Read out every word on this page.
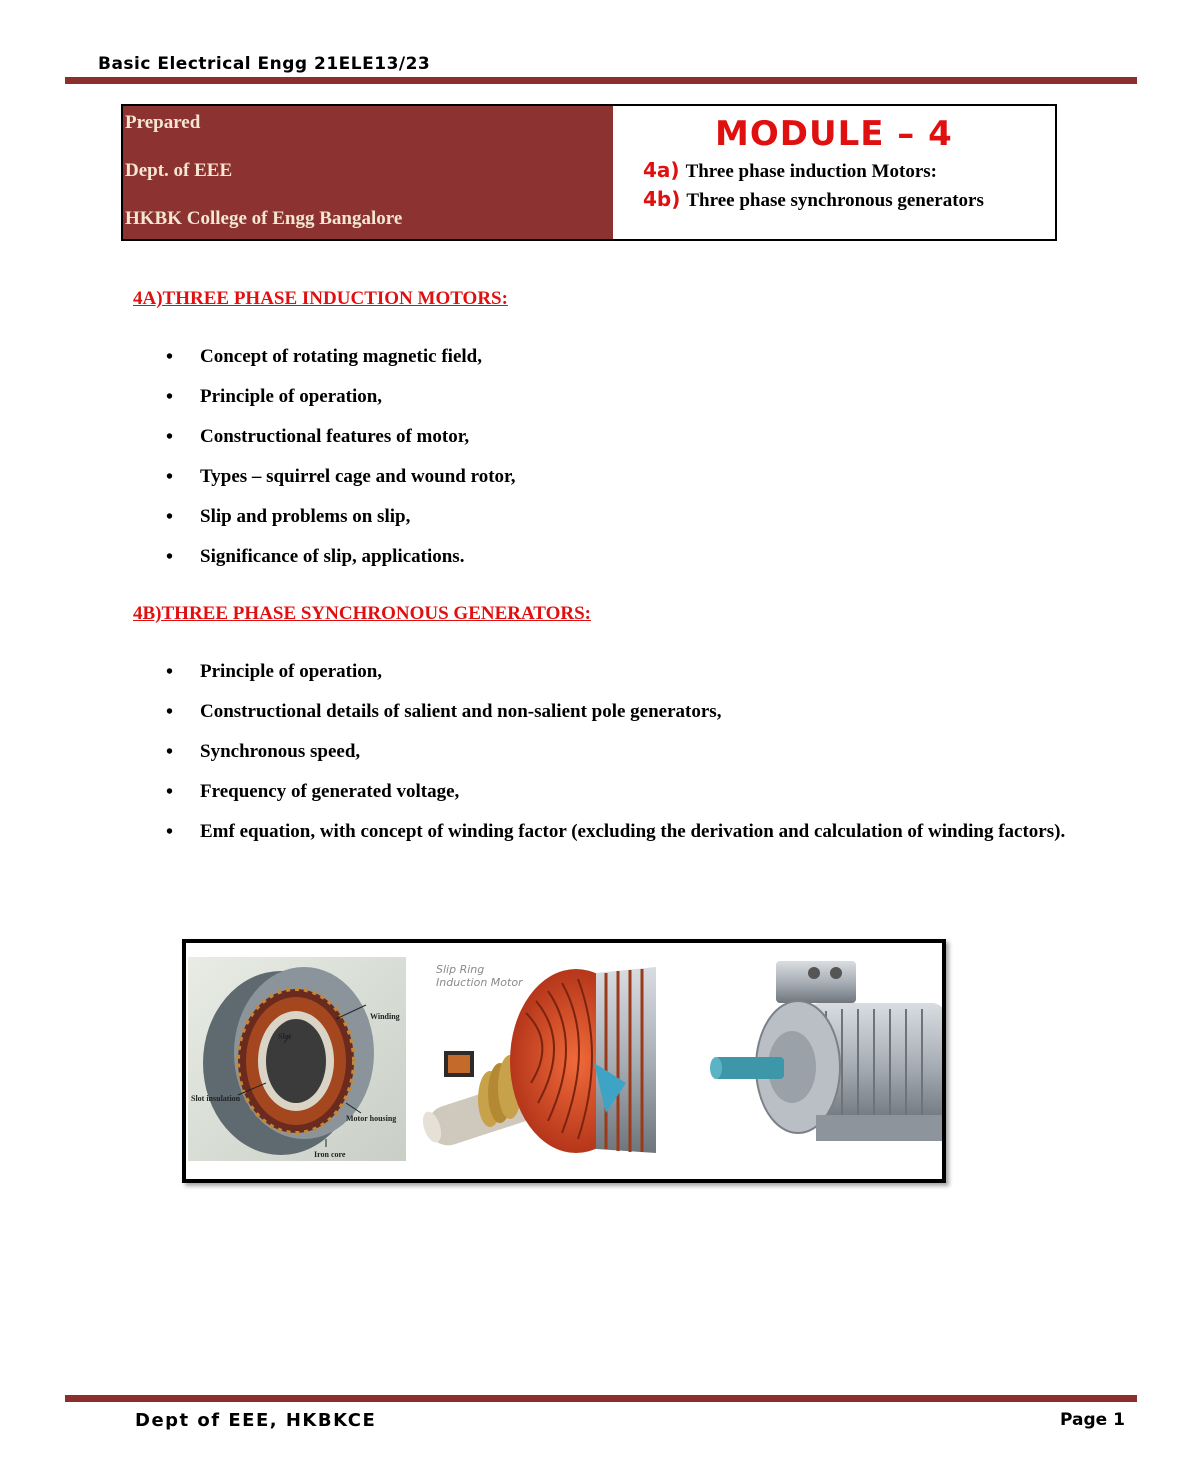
Basic Electrical Engg 21ELE13/23
Prepared
Dept. of EEE
HKBK College of Engg Bangalore
MODULE – 4
4a) Three phase induction Motors:
4b) Three phase synchronous generators
4A)THREE PHASE INDUCTION MOTORS:
• Concept of rotating magnetic field,
• Principle of operation,
• Constructional features of motor,
• Types – squirrel cage and wound rotor,
• Slip and problems on slip,
• Significance of slip, applications.
4B)THREE PHASE SYNCHRONOUS GENERATORS:
• Principle of operation,
• Constructional details of salient and non-salient pole generators,
• Synchronous speed,
• Frequency of generated voltage,
• Emf equation, with concept of winding factor (excluding the derivation and calculation of winding factors).
Winding
Slot
Slot insulation
Motor housing
Iron core
Slip Ring
Induction Motor
Dept of EEE, HKBKCE	Page 1
